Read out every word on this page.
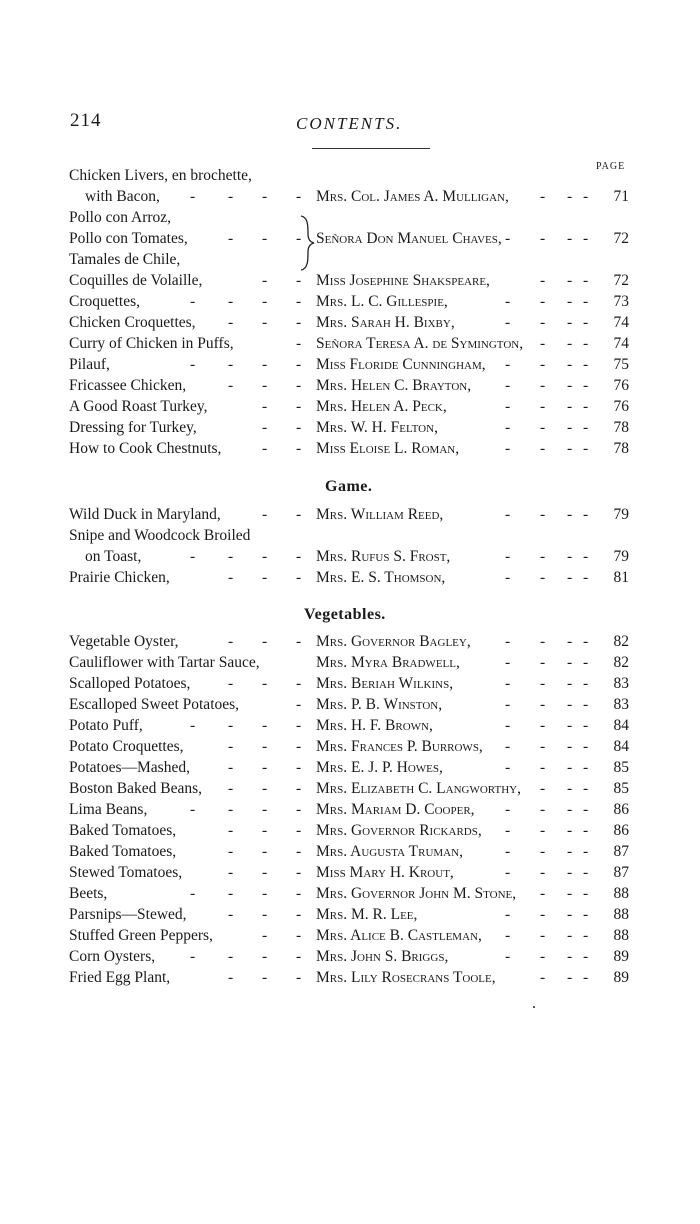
214	CONTENTS.
PAGE
Chicken Livers, en brochette,
with Bacon, - - - - Mrs. Col. James A. Mulligan, - - -	71
Pollo con Arroz,
Pollo con Tomates,	- - - Señora Don Manuel Chaves, - - - -	72
Tamales de Chile,
Coquilles de Volaille,	- - Miss Josephine Shakspeare,	- - -	72
Croquettes,	- - - - Mrs. L. C. Gillespie,	- - - -	73
Chicken Croquettes, - - - Mrs. Sarah H. Bixby,	- - - -	74
Curry of Chicken in Puffs,	- Señora Teresa A. de Symington, - - -	74
Pilauf,	- - - - Miss Floride Cunningham, - - - -	75
Fricassee Chicken,	- - - Mrs. Helen C. Brayton, - - - -	76
A Good Roast Turkey,	- - Mrs. Helen A. Peck,	- - - -	76
Dressing for Turkey,	- - Mrs. W. H. Felton,	- - - -	78
How to Cook Chestnuts,	- - Miss Eloise L. Roman,	- - - -	78
Game.
Wild Duck in Maryland,	- - Mrs. William Reed,	- - - -	79
Snipe and Woodcock Broiled
on Toast,	- - - - Mrs. Rufus S. Frost,	- - - -	79
Prairie Chicken,	- - - Mrs. E. S. Thomson,	- - - -	81
Vegetables.
Vegetable Oyster,	- - - Mrs. Governor Bagley, - - - -	82
Cauliflower with Tartar Sauce,	Mrs. Myra Bradwell,	- - - -	82
Scalloped Potatoes, - - - Mrs. Beriah Wilkins,	- - - -	83
Escalloped Sweet Potatoes,	- Mrs. P. B. Winston,	- - - -	83
Potato Puff,	- - - - Mrs. H. F. Brown,	- - - -	84
Potato Croquettes,	- - - Mrs. Frances P. Burrows, - - - -	84
Potatoes—Mashed, - - - Mrs. E. J. P. Howes,	- - - -	85
Boston Baked Beans, - - - Mrs. Elizabeth C. Langworthy, - - -	85
Lima Beans,	- - - - Mrs. Mariam D. Cooper, - - - -	86
Baked Tomatoes,	- - - Mrs. Governor Rickards, - - - -	86
Baked Tomatoes,	- - - Mrs. Augusta Truman,	- - - -	87
Stewed Tomatoes,	- - - Miss Mary H. Krout,	- - - -	87
Beets,	- - - - Mrs. Governor John M. Stone, - - -	88
Parsnips—Stewed,	- - - Mrs. M. R. Lee,	- - - -	88
Stuffed Green Peppers,	- - Mrs. Alice B. Castleman, - - - -	88
Corn Oysters, - - - - Mrs. John S. Briggs,	- - - -	89
Fried Egg Plant,	- - - Mrs. Lily Rosecrans Toole,	- - -	89
